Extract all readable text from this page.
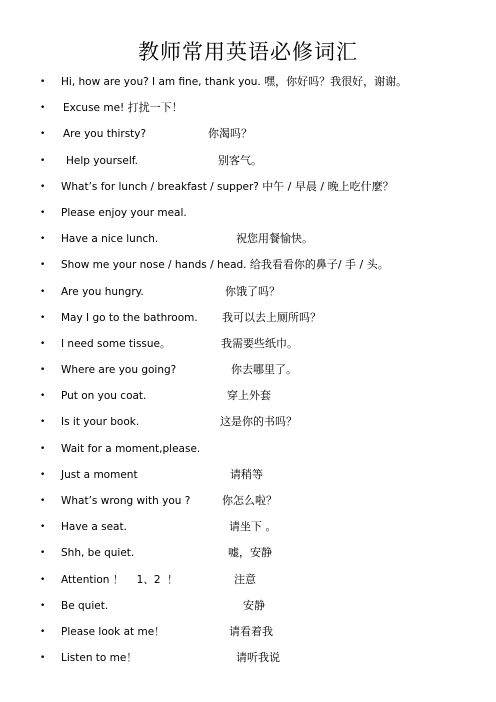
教师常用英语必修词汇
• Hi, how are you? I am fine, thank you. 嘿，你好吗？我很好，谢谢。
• Excuse me! 打扰一下！
• Are you thirsty?	你渴吗？
• Help yourself.	别客气。
• What’s for lunch / breakfast / supper? 中午 / 早晨 / 晚上吃什麼？
• Please enjoy your meal.
• Have a nice lunch.	祝您用餐愉快。
• Show me your nose / hands / head. 给我看看你的鼻子/ 手 / 头。
• Are you hungry.	你饿了吗？
• May I go to the bathroom. 我可以去上厕所吗？
• I need some tissue。	我需要些纸巾。
• Where are you going?	你去哪里了。
• Put on you coat.	穿上外套
• Is it your book.	这是你的书吗？
• Wait for a moment,please.
• Just a moment	请稍等
• What’s wrong with you ?	你怎么啦？
• Have a seat.	请坐下 。
• Shh, be quiet.	嘘，安静
• Attention ！    1、2  ！	注意
• Be quiet.	安静
• Please look at me！	请看着我
• Listen to me！	请听我说
